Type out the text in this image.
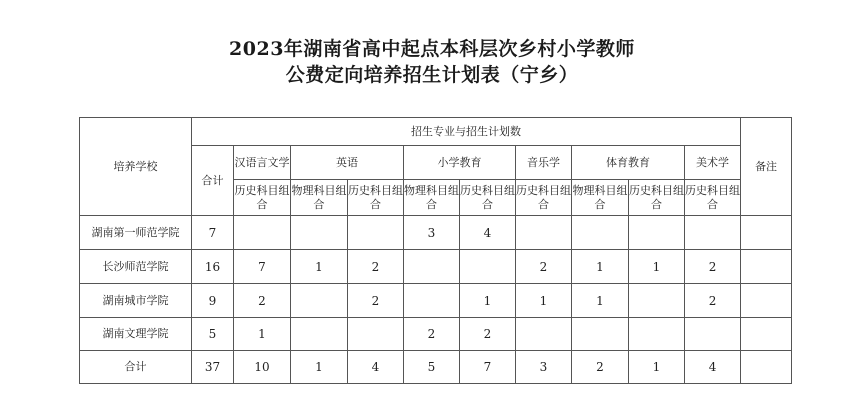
2023年湖南省高中起点本科层次乡村小学教师
公费定向培养招生计划表（宁乡）
培养学校	招生专业与招生计划数										备注
	合计	汉语言文学	英语		小学教育		音乐学	体育教育		美术学	
		历史科目组合	物理科目组合	历史科目组合	物理科目组合	历史科目组合	历史科目组合	物理科目组合	历史科目组合	历史科目组合	
湖南第一师范学院	7				3	4					
长沙师范学院	16	7	1	2			2	1	1	2	
湖南城市学院	9	2		2		1	1	1		2	
湖南文理学院	5	1			2	2					
合计	37	10	1	4	5	7	3	2	1	4	
